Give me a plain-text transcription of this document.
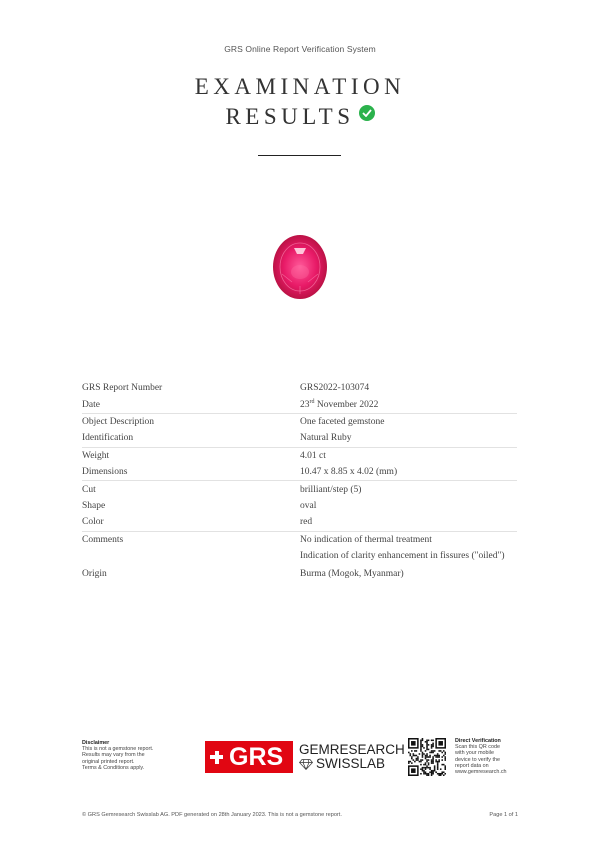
GRS Online Report Verification System
EXAMINATION
RESULTS
GRS Report Number	GRS2022-103074
Date	23rd November 2022
Object Description	One faceted gemstone
Identification	Natural Ruby
Weight	4.01 ct
Dimensions	10.47 x 8.85 x 4.02 (mm)
Cut	brilliant/step (5)
Shape	oval
Color	red
Comments	No indication of thermal treatment
Indication of clarity enhancement in fissures ("oiled")
Origin	Burma (Mogok, Myanmar)
Disclaimer
This is not a gemstone report.
Results may vary from the
original printed report.
Terms & Conditions apply.	GRS GEMRESEARCH
SWISSLAB
Direct Verification
Scan this QR code
with your mobile
device to verify the
report data on
www.gemresearch.ch
© GRS Gemresearch Swisslab AG. PDF generated on 28th January 2023. This is not a gemstone report.	Page 1 of 1
